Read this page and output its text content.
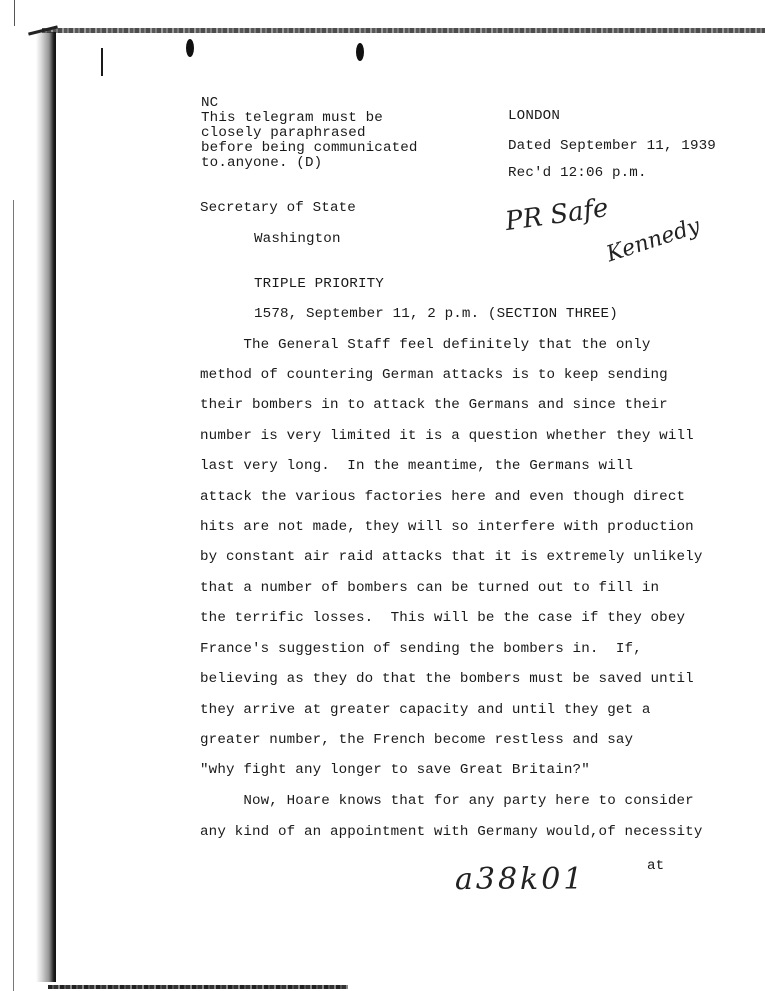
NC
This telegram must be
closely paraphrased
before being communicated
to.anyone. (D)
LONDON
Dated September 11, 1939
Rec'd 12:06 p.m.
Secretary of State
Washington
PR Safe
Kennedy
TRIPLE PRIORITY
1578, September 11, 2 p.m. (SECTION THREE)
The General Staff feel definitely that the only
method of countering German attacks is to keep sending
their bombers in to attack the Germans and since their
number is very limited it is a question whether they will
last very long.  In the meantime, the Germans will
attack the various factories here and even though direct
hits are not made, they will so interfere with production
by constant air raid attacks that it is extremely unlikely
that a number of bombers can be turned out to fill in
the terrific losses.  This will be the case if they obey
France's suggestion of sending the bombers in.  If,
believing as they do that the bombers must be saved until
they arrive at greater capacity and until they get a
greater number, the French become restless and say
"why fight any longer to save Great Britain?"
Now, Hoare knows that for any party here to consider
any kind of an appointment with Germany would,of necessity
a38k01	at
